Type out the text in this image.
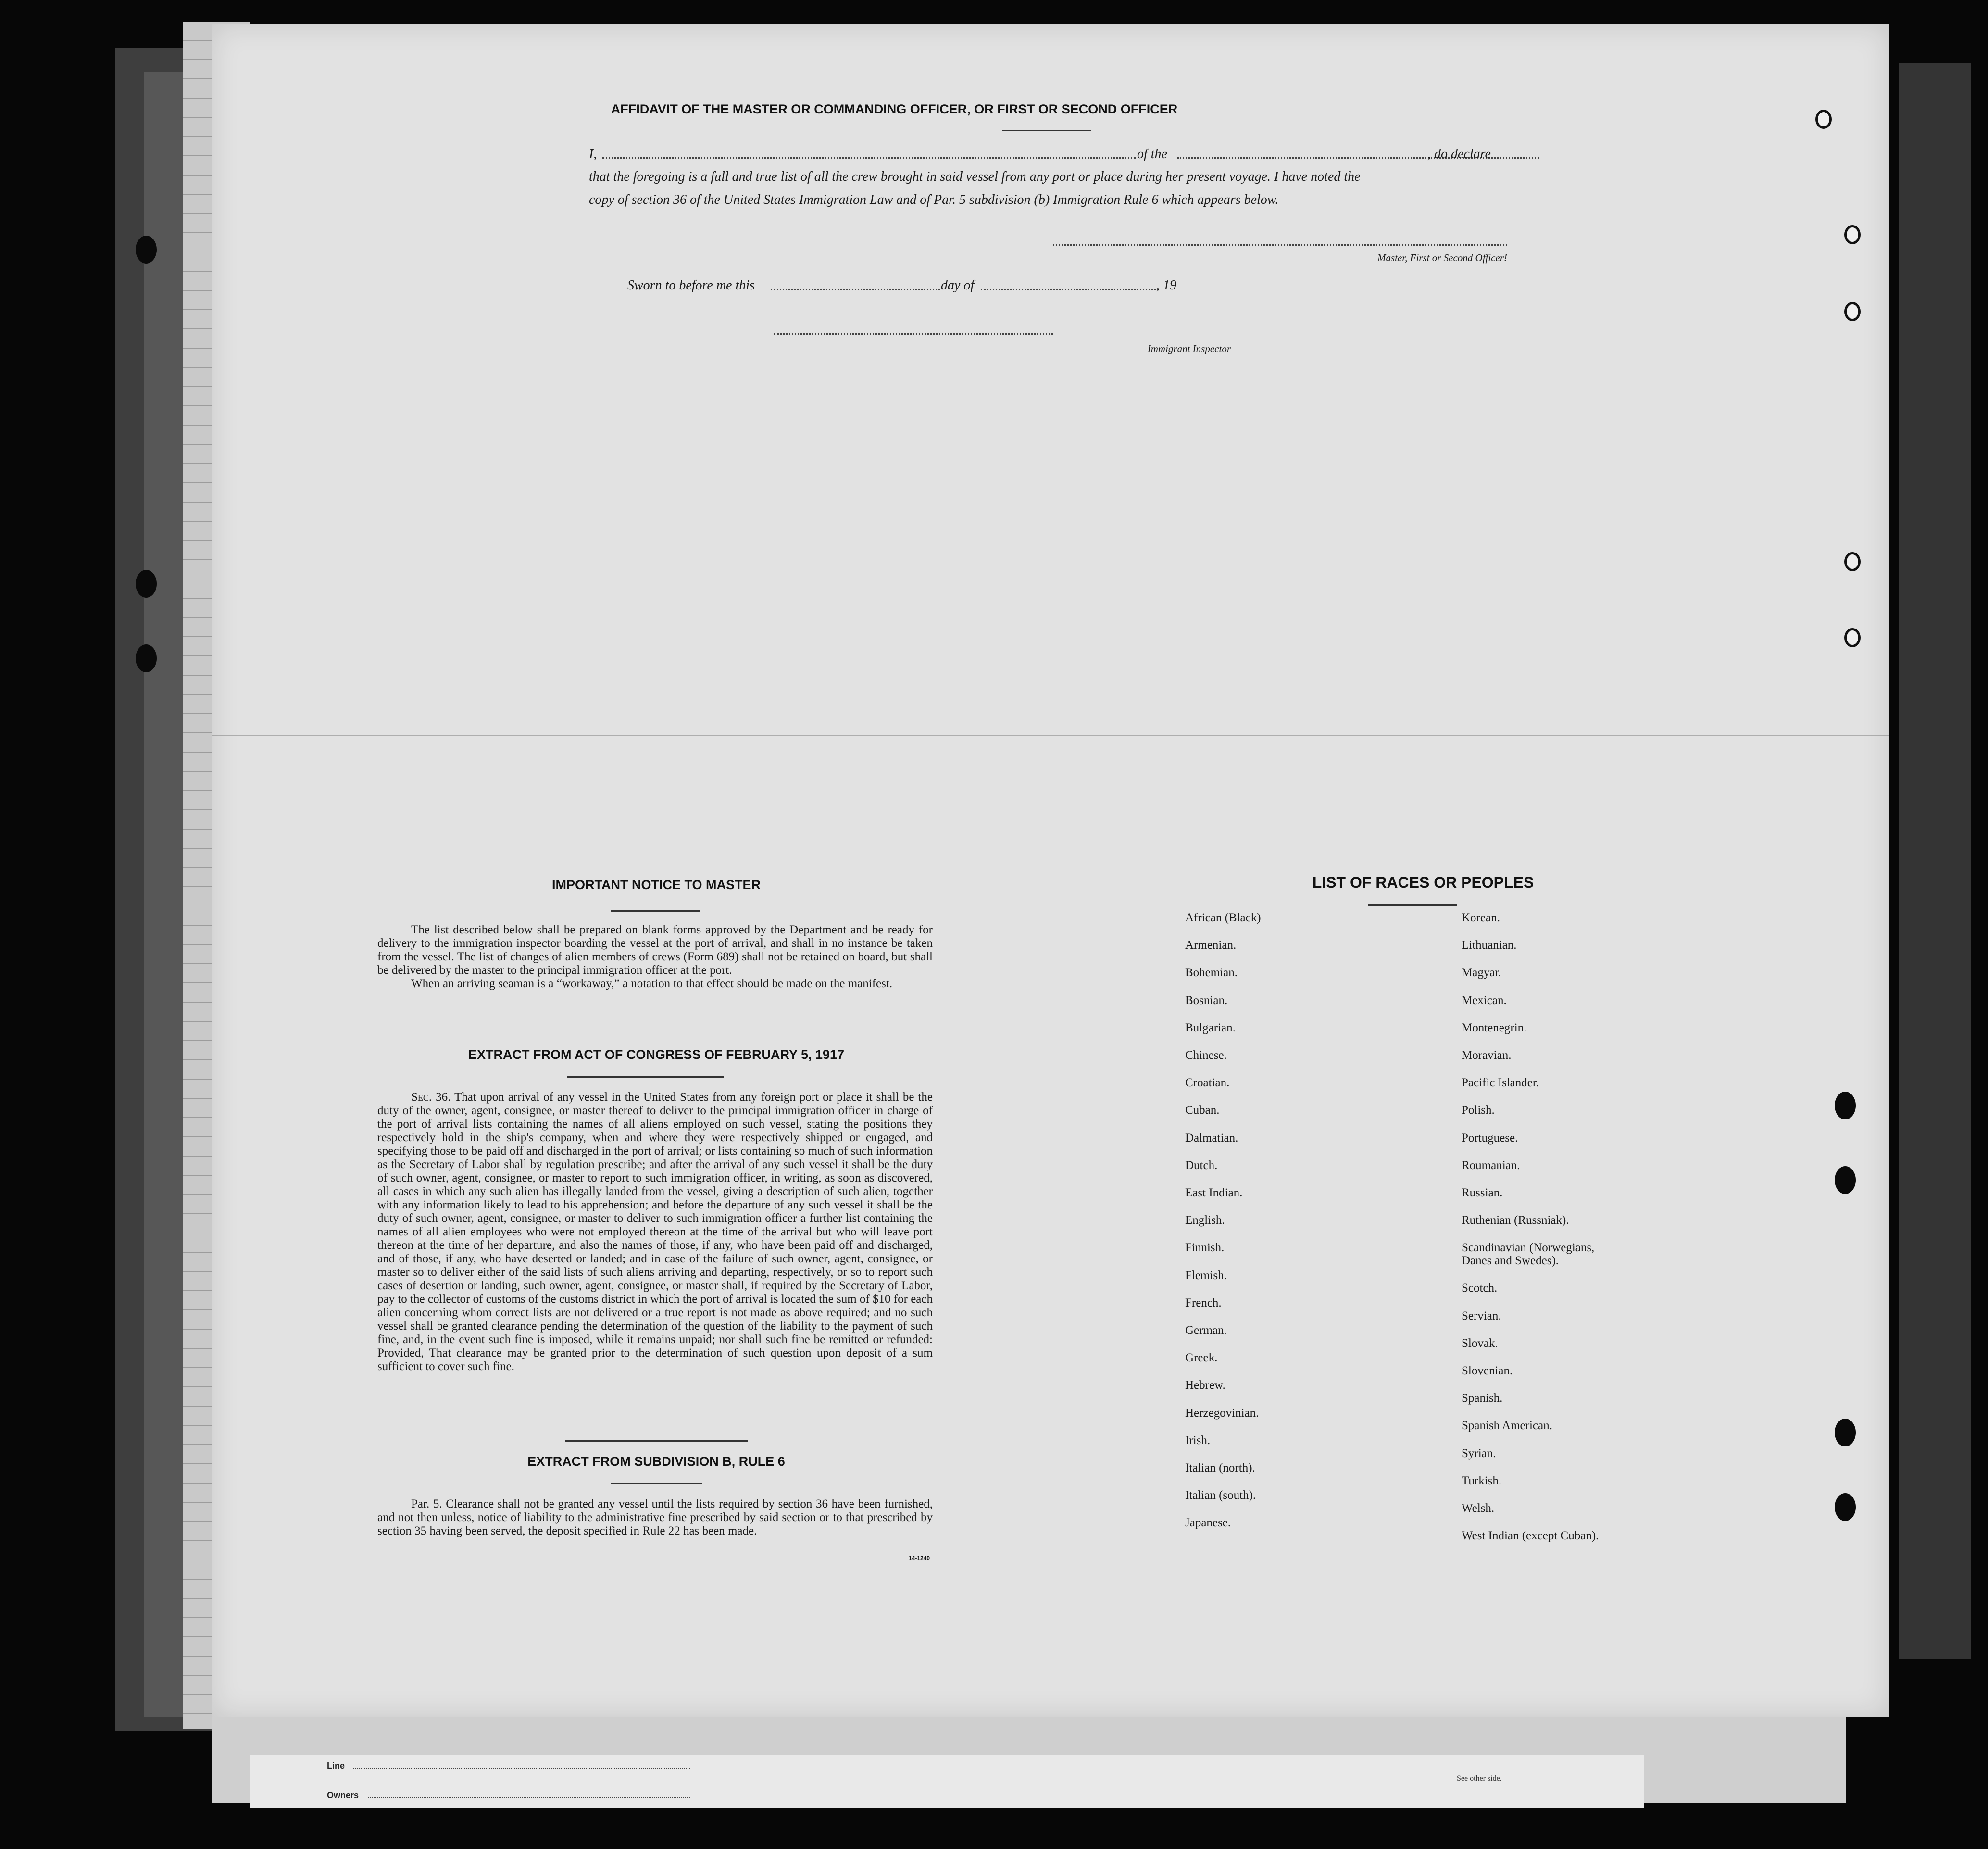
AFFIDAVIT OF THE MASTER OR COMMANDING OFFICER, OR FIRST OR SECOND OFFICER
I,	of the	, do declare
that the foregoing is a full and true list of all the crew brought in said vessel from any port or place during her present voyage. I have noted the
copy of section 36 of the United States Immigration Law and of Par. 5 subdivision (b) Immigration Rule 6 which appears below.
Master, First or Second Officer!
Sworn to before me this	day of	, 19
Immigrant Inspector
IMPORTANT NOTICE TO MASTER

The list described below shall be prepared on blank forms approved by the Department and be ready for delivery to the immigration inspector boarding the vessel at the port of arrival, and shall in no instance be taken from the vessel. The list of changes of alien members of crews (Form 689) shall not be retained on board, but shall be delivered by the master to the principal immigration officer at the port.

When an arriving seaman is a “workaway,” a notation to that effect should be made on the manifest.

EXTRACT FROM ACT OF CONGRESS OF FEBRUARY 5, 1917

Sec. 36. That upon arrival of any vessel in the United States from any foreign port or place it shall be the duty of the owner, agent, consignee, or master thereof to deliver to the principal immigration officer in charge of the port of arrival lists containing the names of all aliens employed on such vessel, stating the positions they respectively hold in the ship's company, when and where they were respectively shipped or engaged, and specifying those to be paid off and discharged in the port of arrival; or lists containing so much of such information as the Secretary of Labor shall by regulation prescribe; and after the arrival of any such vessel it shall be the duty of such owner, agent, consignee, or master to report to such immigration officer, in writing, as soon as discovered, all cases in which any such alien has illegally landed from the vessel, giving a description of such alien, together with any information likely to lead to his apprehension; and before the departure of any such vessel it shall be the duty of such owner, agent, consignee, or master to deliver to such immigration officer a further list containing the names of all alien employees who were not employed thereon at the time of the arrival but who will leave port thereon at the time of her departure, and also the names of those, if any, who have been paid off and discharged, and of those, if any, who have deserted or landed; and in case of the failure of such owner, agent, consignee, or master so to deliver either of the said lists of such aliens arriving and departing, respectively, or so to report such cases of desertion or landing, such owner, agent, consignee, or master shall, if required by the Secretary of Labor, pay to the collector of customs of the customs district in which the port of arrival is located the sum of $10 for each alien concerning whom correct lists are not delivered or a true report is not made as above required; and no such vessel shall be granted clearance pending the determination of the question of the liability to the payment of such fine, and, in the event such fine is imposed, while it remains unpaid; nor shall such fine be remitted or refunded: Provided, That clearance may be granted prior to the determination of such question upon deposit of a sum sufficient to cover such fine.

EXTRACT FROM SUBDIVISION B, RULE 6

Par. 5. Clearance shall not be granted any vessel until the lists required by section 36 have been furnished, and not then unless, notice of liability to the administrative fine prescribed by said section or to that prescribed by section 35 having been served, the deposit specified in Rule 22 has been made.

14-1240
LIST OF RACES OR PEOPLES
African (Black)
Armenian.
Bohemian.
Bosnian.
Bulgarian.
Chinese.
Croatian.
Cuban.
Dalmatian.
Dutch.
East Indian.
English.
Finnish.
Flemish.
French.
German.
Greek.
Hebrew.
Herzegovinian.
Irish.
Italian (north).
Italian (south).
Japanese.
Korean.
Lithuanian.
Magyar.
Mexican.
Montenegrin.
Moravian.
Pacific Islander.
Polish.
Portuguese.
Roumanian.
Russian.
Ruthenian (Russniak).
Scandinavian (Norwegians,
Danes and Swedes).
Scotch.
Servian.
Slovak.
Slovenian.
Spanish.
Spanish American.
Syrian.
Turkish.
Welsh.
West Indian (except Cuban).
Line
Owners
See other side.
